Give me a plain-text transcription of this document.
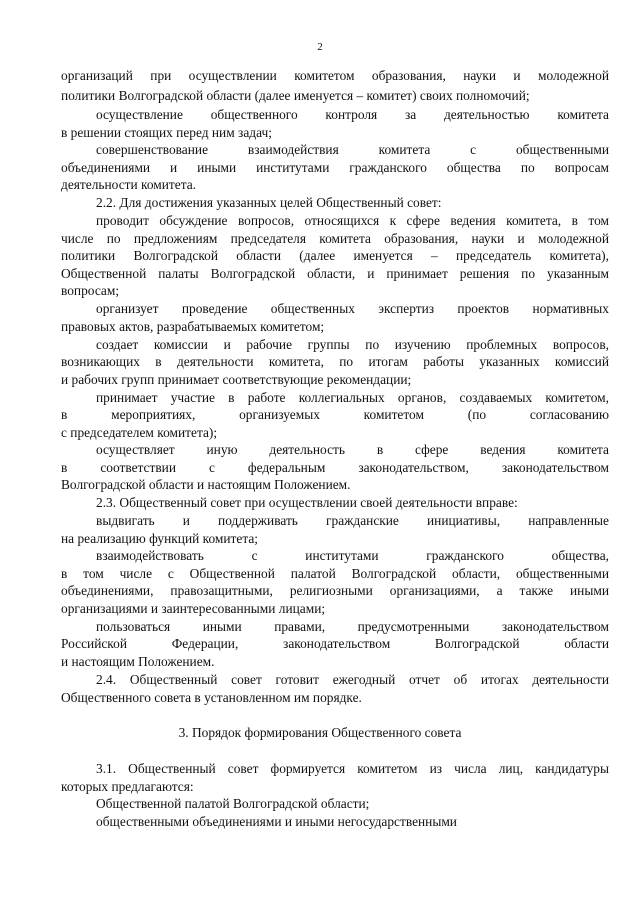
2
организаций при осуществлении комитетом образования, науки и молодежной
политики Волгоградской области (далее именуется – комитет) своих полномочий;
осуществление общественного контроля за деятельностью комитета
в решении стоящих перед ним задач;
совершенствование взаимодействия комитета с общественными
объединениями и иными институтами гражданского общества по вопросам
деятельности комитета.
2.2. Для достижения указанных целей Общественный совет:
проводит обсуждение вопросов, относящихся к сфере ведения комитета, в том
числе по предложениям председателя комитета образования, науки и молодежной
политики Волгоградской области (далее именуется – председатель комитета),
Общественной палаты Волгоградской области, и принимает решения по указанным
вопросам;
организует проведение общественных экспертиз проектов нормативных
правовых актов, разрабатываемых комитетом;
создает комиссии и рабочие группы по изучению проблемных вопросов,
возникающих в деятельности комитета, по итогам работы указанных комиссий
и рабочих групп принимает соответствующие рекомендации;
принимает участие в работе коллегиальных органов, создаваемых комитетом,
в мероприятиях, организуемых комитетом (по согласованию
с председателем комитета);
осуществляет иную деятельность в сфере ведения комитета
в соответствии с федеральным законодательством, законодательством
Волгоградской области и настоящим Положением.
2.3. Общественный совет при осуществлении своей деятельности вправе:
выдвигать и поддерживать гражданские инициативы, направленные
на реализацию функций комитета;
взаимодействовать с институтами гражданского общества,
в том числе с Общественной палатой Волгоградской области, общественными
объединениями, правозащитными, религиозными организациями, а также иными
организациями и заинтересованными лицами;
пользоваться иными правами, предусмотренными законодательством
Российской Федерации, законодательством Волгоградской области
и настоящим Положением.
2.4. Общественный совет готовит ежегодный отчет об итогах деятельности
Общественного совета в установленном им порядке.
3. Порядок формирования Общественного совета
3.1. Общественный совет формируется комитетом из числа лиц, кандидатуры
которых предлагаются:
Общественной палатой Волгоградской области;
общественными объединениями и иными негосударственными
